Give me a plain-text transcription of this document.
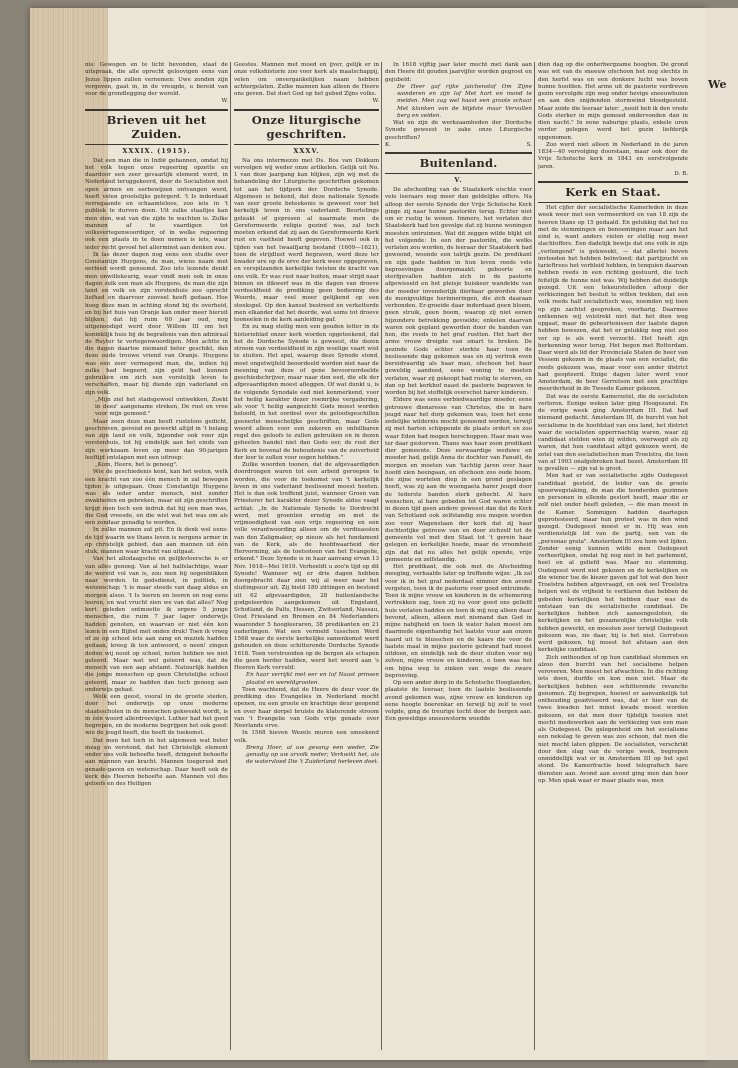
nis: Gewogen en te licht bevonden, staat de uitspraak, die alle oprecht geloovigen eens van Jezus lippen zullen vernemen: Uwe zonden zijn vergeven, gaat in, in de vreugde, u bereid van voor de grondlegging der wereld.

W.

Brieven uit het Zuiden.
XXXIX. (1915).

Dat een man die in Indië gebannen, omdat hij het volk tegen onze regeering opzette en daardoor een zeer gevaarlijk element werd, in Nederland teruggekeerd, door de Socialisten met open armen en eerbewijzen ontvangen werd, heeft velen grootelijks geërgerd. 't Is inderdaad verregaande en schaamteloos, zoo iets in 't publiek te durven doen. Uit zulke staaltjes kan men zien, wat van die zijde te wachten is. Zulke mannen af te vaardigen tot volksvertegenwoordiger, of in welke regeering ook een plaats in te doen nemen is iets, waar ieder recht gevoel het allerminst aan denken zou.

Ik las dezer dagen nog eens een studie over Constantijn Huygens, de man, wiens naam met eerbied wordt genoemd. Zoo iets lezende denkt men onwillekeurig, waar vindt men ook in onze dagen zulk een man als Huygens, de man die zijn land en volk en zijn vorstenhuis zoo oprecht liefhad en daarvoor zooveel heeft gedaan. Hoe hoog deze man in achting stond bij de overheid, en bij het huis van Oranje kan onder meer hieruit blijken, dat hij ruim 60 jaar oud, nog uitgenoodigd werd door Willem III om het koninklijk huis bij de begrafenis van den admiraal de Ruyter te vertegenwoordigen. Men achtte in die dagen daartoe niemand beter geschikt, dan deze oude trouwe vriend van Oranje. Huygens was een zeer vermogend man, die, indien hij zulks had begeerd, zijn geld had kunnen gebruiken om zich een vorstelijk leven te verschaffen, maar hij diende zijn vaderland en zijn volk.

„Mijn ziel het stadsgewoel ontwekken, Zoekt in deez' aangename streken, De rust en vree voor mijn gemoed."

Maar zeen deze man heeft rusteloos gedicht, geschreven, gereisd en gewerkt altijd in 't belang van zijn land en volk, bijzonder ook voor zijn vorstenhuis, tot hij eindelijk aan het einde van zijn werkzaam leven op meer dan 90-jarigen leeftijd ontslapen met een uitroep:

„Kom, Heere, het is genoeg".

Wie de geschiedenis kent, kan het weten, welk een kracht van zoo één mensch in zal bewogen tijden is uitgegaan. Onze Constantijn Huygens was als ieder ander mensch, niet zonder zwakheden en gebreken, maar uit zijn geschriften krijgt men toch een indruk dat hij een man was, die God vreesde, en die wist wat het was om als een zondaar genadig te worden.

In zulke mannen zat pit. En ik denk wel eens: de tijd waarin we thans leven is nergens armer in op christelijk gebied, dan aan mannen uit één stuk, mannen waar kracht van uitgaat.

Van het allodaagsche en gelijkvloersche is er van alles genoeg. Van al het halfslachtige, waar de wereld vol van is, zou men bij oogenblikken naar worden. In godsdienst, in politiek, in wetenschap; 't is maar steeds van daag aldus en morgen alsoo. 't Is leeren en leeren en nog eens leeren, en wat vrucht zien we van dat alles? Nog kort geleden ontmoette ik ergens 5 jonge menschen, die ruim 7 jaar lager onderwijs hadden genoten, en waarvan er niet één kon lezen in een Bijbel met onden druk! Toen ik vroeg of ze op school iets aan zang en muziek hadden gedaan, kreeg ik ten antwoord, o neen! zingen deden wij nooit op school, noten hebben we niet geleerd. Maar wat wel geleerd was, dat de mensch van een aap afstamt. Natuurlijk hadden die jonge menschen op geen Christelijke school geleerd, maar ze hadden dan toch genoeg aan onderwijs gehad.

Welk een geest, vooral in de groote steden, door het onderwijs op onze moderne staatsscholen in de menschen gekweekt wordt, is in één woord allerdroevigst. Luther had het goed begrepen, en de moderne begrijpen het ook goed: wie de jeugd heeft, die heeft de toekomst.

Dat men het toch in het algemeen wat beter inzag en verstond, dat het Christelijk element onder ons volk behoefte heeft, dringend behoefte aan mannen van kracht. Mannen toegerust met genade-gaven en wetenschap. Daar heeft ook de kerk des Heeren behoefte aan. Mannen vol des geloofs en des Heiligen

Geestes. Mannen met moed en ijver, gelijk er in onze volkshistorie zoo voor kerk als maatschappij, velen om onvergankelijken naam hebben achtergelaten. Zulke mannen kan alleen de Heere ons geven. Dat doet God op het gebed Zijns volks.

W.

Onze liturgische geschriften.
XXXV.

Na ons intermezzo met Ds. Bos van Dokkum vervolgen wij weder onze artikelen. Gelijk uit No. 1 van deze jaargang kan blijken, zijn wij met de behandeling der Liturgische geschriften gekomen tot aan het tijdperk der Dordsche Synode. Algemeen is bekend, dat deze nationale Synode van zeer groote beteekenis is geweest voor het kerkelijk leven in ons vaderland. Beurtelings geleakt of gepresen al naarmate men de Gereformeerde religie gezind was, zal toch moeten erkend dat zij aan de Gereformeerde Kerk rust en vastheid heeft gegeven. Hoewel ook in tijden van het twaalfjarig bestand (1609—1621), toen de strijdlust werd begraven, werd deze ter kwader ure op de erve der kerk weer opgegraven, en verspilzanden kerkelijke twisten de kracht van ons volk. Er was rust naar buiten, maar strijd naar binnen en dikwerf was in die dagen van droeve verdeeldheid de prediking geen bediening des Woords, maar veel meer gelijkend op een steekspel. Op den kansel bestreed en verketterde men elkander dat het deerde, wat soms tot droeve tooneelen in de kerk aanleiding gaf.

En zu mag stellig men een gouden letter in de historieblad onzer kerk worden opgeteekend, dat het de Dordsche Synode is geweest, die dezen stroom van verdeeldheid in zijn woelige vaart wist te stuiten. Het spel, waarop deze Synode stond, moet ongetwijfeld beoordeeld worden niet naar de meening van deze of gene bevooroordeelde geschiedschrijver, maar naar den eed, die elk der afgevaardigden moest afleggen. Of wat dunkt u, is de volgende Synodale eed niet kenmerkend, voor het heilig karakter dezer roemrijke vergadering, als voor 't heilig aangezicht Gods moest worden beloofd, in het oordeel over de geloofsgeschillen geenerlei menschelijke geschriften, maar Gods woord alleen voor een zekeren en onfeilbaren regel des geloofs te zullen gebruiken en in dezen geheelen handel niet dan Gods eer, de rust der Kerk en bovenal de behoudenis van de zuiverheid der leer te zullen voor oogen hebben."

Zulke woorden toonen, dat de afgevaardigden doordrongen waren tot een arbeid geroepen te worden, die voor de toekomst van 't kerkelijk leven in ons vaderland beslissend moest heeten. Het is dan ook treffend juist, wanneer Groen van Prinsterer het karakter dezer Synode aldus vaagt achtat: „In de Nationale Synode te Dordrecht werd, met groenten ernstig en met de vrijmoedigheid van een vrije regeering en een volle verantwoording alleen om de verdieassten van den Zaligmaker, op nieuw als het fundament van de Kerk, als de hoofdwaarheid der Hervorming, als de toetssteen van het Evangelie, erkend." Deze Synode is in haar aanvang ervan 13 Nov. 1618—Mei 1619. Verbeeldt u zoo'n tijd op dit Synode! Wanneer wij er drie dagen hebben doorgebracht daar zien wij al weer naar het sluitingsuur uit. Zij hield 180 zittingen en bestond uit 62 afgevaardigden, 28 buitenlandsche godgeleerden aangekomen uit Engeland, Schotland, de Palts, Hessen, Zwitserland, Nassau, Oost Friesland en Bremen en 84 Nederlanders waaronder 5 hoogleeraren, 38 predikanten en 21 ouderlingen. Wat een vermeld tusschen Werd 1568 waar de eerste kerkelijke samenkomst werd gehouden en deze schitterende Dordsche Synode 1618. Toen verstrooiden op de bergen als schapen die geen herder hadden, werd het woord aan 's Heeren Kerk vervuld:

En haar verrijkt met eer en lof Naast prinsen plaatst en wereldgrooten.

Toen wachtend, dat de Heere de deur voor de prediking des Evangelies in Nederland mocht openen, nu een groote en krachtige deur geopend en over haar dorpel bruiste de klaterende stroom van 't Evangelie van Gods vrije genade over Neerlands erve.

In 1568 hieven Wezels muren een smeekend volk.

Breng Hoer, al uw gevang een weder, Zie genadig op uw arvolk neder; Verkwikt het, als de watervloed Die 't Zuiderland herleven doet.

In 1618 vijftig jaar later mocht met dank aan den Heere dit gouden jaarvijfer worden gegroet en gejubeld:

De Heer gaf rijke jaichenstof Om Zijne wonderen en zijn lof Met hart en mond te meldsn. Men zag wel haast een groote schaar Met klanken van de blijdste maar Vervullen berg en velden.

Wat en zijn de werkzaamheden der Dordsche Synode geweest in zake onze Liturgische geschriften?

K.	S.

Buitenland.
V.

De afscheiding van de Staatskerk eischte voor vele leeraars nog meer dan geldelijke offers. Na afloop der eerste Synode der Vrije Schotsche Kerk ginge zij naar hunne pastoriën terug. Echter niet om er rustig te wonen. Immers, het verlaten der Staatskerk had ten gevolge dat zij hunne woningen moesten ontruimen. Wat dit zeggen wilde blijkt uit het volgende: In een der pastoriën, die welks verlaten zou worden, de leeraar der Staatskerk had gewoond, woonde een talrijk gezin. De predikant en zijn gade hadden in hun leven reeds vele beproevingen doorgemaakt; geboorte en sterfgevallen hadden zich in de pastorie afgewisseld en het pleisje huiskeer wandelde van der moeder invenderlijk dierbaar geworden door de menigvuldige herinneringen, die zich daaraan verbonden. Er-groeide daar inderdaad geen bloem, geen struik, geen boom, waarop zij niet eenen bijzondere betrekking gevoelde; enkelen daarvan waren ook geplant geworden door de handen van hen, die reeds in het graf rustten. Het hart der arme vrouw dreigde van smart te breken. De gezinde Gods echter sterkte haar toen de beslissende dag gekomen was en zij vertrok even bereidvaardig als haar man, ofschoon het haar geweldig aandeed, eene woning te moeten verlaten, waar zij gekoopt had rustig te sterven, en dan op het kerkhof naast de pastorie begraven te worden bij het stoffelijk overschot harer kinderen.

Eldere was eene eerbiedwaardige moeder, eene getrouwe dienaresse van Christus, die in hare jeugd naar het dorp gekomen was, toen het eene zedelijke wildernis mocht genoemd worden, terwijl zij met harten schippende de plaats ordert en zoo waar Eden had mogen herschoppen. Haar man was ter daar gestorven. Thans was haar zoon predikant dier gemeente. Deze eerwaardige weduwe en moeder had, gelijk Anna de dochter van Fanuël, de morgen en moeten van 'tachtig jaren over haar hoofd zien heengaan, en ofschoon zoo oude boom, die zijne wortelen diep in een grond geslagen heeft, was zij aan de woongaeta harer jeugd door de tederste banden sterk gehecht. Al hare wenschen, al hare gebeden tot God waren echter in dezen tijd geen andere geweest dan dat de Kerk van Schotland ook zelfstandig zou mogen worden zoo voor Wagenstaan der kerk dat zij haar dochterlijke getrouw van en door zichzelf tot de gemeente vol met den Staat tot 't gerein haar gelegen en kerkelijke hoede, maar de vroomheid zijn dat dat nu alles het gelijk opende, vrije gemeente en zelfstandig.

Het predikant, die ook met de Afscheiding meeging, verhaalde later op treffende wijze: „Ik zal voor ik in het graf nederdaal nimmer den avond vergeten, toen ik de pastorie voor goed ontruimde. Toen ik mijne vrouw en kinderen in de schemering vertrekken zag, toen zij nu voor goed ons geliefd huis verlaten hadden en toen ik mij nog alleen daar bevond, alleen, alleen met niemand dan God in mijne nabijheid en toen ik water halen moest om daarmede eigenhandig het laatste vuur aan onzen haard uit te blusschen en de kaars die voor de laatste maal in mijne pastorie gebrand had moest uitdoen, en eindelijk ook de deur sluiten voor mij zelven, mijne vrouw en kinderen, o toen was het om bijna weg te zinken van wege de zware beproeving.

Op een ander dorp in de Schotsche Hooglanden, plaatste de leeraar, toen de laatste beslissende avond gekomen was, zijne vrouw en kinderen op eene hoogte boerenkar en terwijl hij zelf te voet volgde, ging de treurige tocht door de bergen aan. Een geweldige sneeuwstorm woedde

dien dag op die onherbergzame hoogten. De grond was wit van de sneeuw ofschoon het nog slechts in den herfst was en een donkere lucht was boven hunne hoofden. Het arme uit de pastorie verdreven gezin vervolgde zijn weg onder hevige sneeuwbuien en aan den snijdenden stormwind bloedgesteld. Maar zoide die leeraar later: „nooit heb ik den vrede Gods sterker in mijn gemoed ondervonden dan in dien nacht." In eene naburige plaats, enkele uren verder gelegen werd het gezin liefderijk opgenomen.

Zoo werd niet alleen in Nederland in de jaren 1834—40 vervolging doorstaan, maar ook door de Vrije Schotsche kerk in 1843 en eerstvolgende jaren.

D. B.

Kerk en Staat.

Het cijfer der socialistische Kamerleden in deze week weer met een vermeerderd en van 18 zijn de heeren thans op 15 gedaald. En gelukkig dat het nu met de stemmingen en benoemingen maar aan het eind is, want anders vielen er stellig nog meer slachtoffers. Een dadelijk bewijs dat ons volk in zijn „verlengend" is gekweekt, — dat allerlei boven invloeden het hebben beïnvloed; dat partijzucht en tarieftrees het verbleid hebben, in tenquien daarvan hebben reeds in een richting gestuurd, die toch feitelijk de hunne niet was. Wij hebben dat duidelijk gezegd. Uit een tekeurstelleden afloop der verkiezingen het besluit te willen trekken, dat een volk reeds half socialistisch was, noemden wij toen op zijn zachtst gesproken, voorbarig. Daarmee ontkennen wij volstrekt niet dat het dien weg opgaat, maar de gebeurtenissen der laatste dagen hebben bewezen, dat het er gelukkig nog niet zoo ver op is als werd verzocht. Het heeft zijn herkenning weer terug. Het begon met Rotterdam. Daar werd als lid der Provinciale Staten de heer van Vessem gekozen in de plaats van een socialist, die reeds gekozen was, maar voor een ander district had geopteerd. Enige dagen later werd voor Amsterdam, de heer Gerretson met een prachtige meerderheid in de Tweede Kamer gekozen.

Dat was de eerste Kamerzetel, die de socialisten verloren. Eenige weken later ging Hoogezand. En de vorige week ging Amsterdam III. Dat had niemand gedacht. Amsterdam III, de burcht van het socialisme in de hoofdstad van ons land, het district waar de socialisten opperrnachtig waren, waar zij candidaat stelden wien zij wilden, overwegd als zij waren, dat hun candidaat altijd gekozen werd, de zetel van den socialistischen man Troelstra, die toen van af 1903 onafgebroken had bezet. Amsterdam III is gevallen — zijn val is groot.

Men had er van socialistische zijde Oudegeest candidaat gesteld, de leider van de groote spoorwegstaking, de man die honderden gezinnen en personen in ellende gestort heeft, maar die er zelf niet onder heeft geleden, — die man moest in de Kamer. Sommigen hadden daartegen geprotesteerd, maar hun protest was in den wind gezegd. Oudegeest moest er in. Hij was een verdienstelijk lid van de partij, een van de „personae grata". Amsterdam III zou hem wel lijden. Zonder eenig kunnen wilde men Oudegeest verheerlijken, omdat hij nog niet in het parlement, heel en al geliefd was. Maar nu stemming. Oudegeest werd niet gekozen en de kerkelijken en die wiener toe de kiezer gaven gaf tot wat den heer Troelstra hebben afgevraagd, en ook wel Troelstra helpen wel de vrijheid te verklaren dan hebben de gebeden kerkelijken het hebben daar was de ontstaan van de socialistische candidaat. De kerkelijken hebben zich aaneengesloten, de kerkelijken en het gezamenlijke christelijke volk hebben gewerkt, en moesten zeer terwijl Oudegeest gekozen was, zie daar, hij is het niet. Gerretson werd gekozen, hij moest het afstaan aan den kerkelijke candidaat.

Zich onthouden of op hun candidaat stemmen en alzoo den burcht van het socialisme helpen veroveren. Men moest het afwachten. In die richting iets doen, durfde en kon men niet. Maar de kerkelijken hebben een schitterende revanche genomen. Zij begrepen, hoewel er aanvankelijk tot onthouding geadviseerd was, dat er hier van de twee kwaden het minst kwade moest worden gekozen, en dat men door tijdelijk toezien niet mocht medewerken aan de verkiezing van een man als Oudegeest. De gelegenheid om het socialisme een nekslag te geven was zoo schoon, dat men die niet mocht laten glippen. De socialisten, verschrikt door den slag van de vorige week, begrepen onmiddellijk wat er in Amsterdam III op het spel stond. De Kamerfractie bood telegrafisch hare diensten aan. Avond aan avond ging men dan hoor op. Men spak waar er maar plaats was, men

We
